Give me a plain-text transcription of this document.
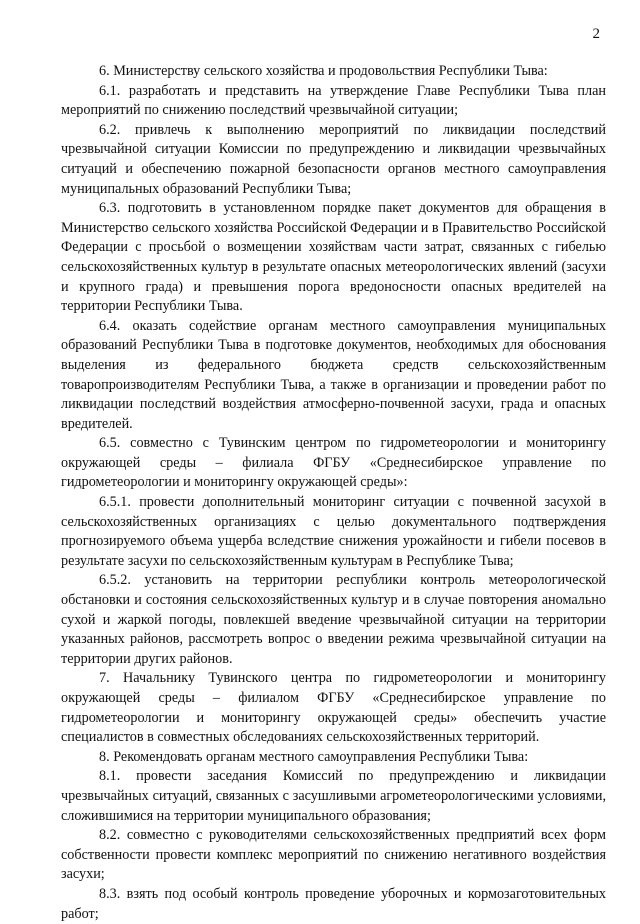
2

6. Министерству сельского хозяйства и продовольствия Республики Тыва:

6.1. разработать и представить на утверждение Главе Республики Тыва план мероприятий по снижению последствий чрезвычайной ситуации;

6.2. привлечь к выполнению мероприятий по ликвидации последствий чрезвычайной ситуации Комиссии по предупреждению и ликвидации чрезвычайных ситуаций и обеспечению пожарной безопасности органов местного самоуправления муниципальных образований Республики Тыва;

6.3. подготовить в установленном порядке пакет документов для обращения в Министерство сельского хозяйства Российской Федерации и в Правительство Российской Федерации с просьбой о возмещении хозяйствам части затрат, связанных с гибелью сельскохозяйственных культур в результате опасных метеорологических явлений (засухи и крупного града) и превышения порога вредоносности опасных вредителей на территории Республики Тыва.

6.4. оказать содействие органам местного самоуправления муниципальных образований Республики Тыва в подготовке документов, необходимых для обоснования выделения из федерального бюджета средств сельскохозяйственным товаропроизводителям Республики Тыва, а также в организации и проведении работ по ликвидации последствий воздействия атмосферно-почвенной засухи, града и опасных вредителей.

6.5. совместно с Тувинским центром по гидрометеорологии и мониторингу окружающей среды – филиала ФГБУ «Среднесибирское управление по гидрометеорологии и мониторингу окружающей среды»:

6.5.1. провести дополнительный мониторинг ситуации с почвенной засухой в сельскохозяйственных организациях с целью документального подтверждения прогнозируемого объема ущерба вследствие снижения урожайности и гибели посевов в результате засухи по сельскохозяйственным культурам в Республике Тыва;

6.5.2. установить на территории республики контроль метеорологической обстановки и состояния сельскохозяйственных культур и в случае повторения аномально сухой и жаркой погоды, повлекшей введение чрезвычайной ситуации на территории указанных районов, рассмотреть вопрос о введении режима чрезвычайной ситуации на территории других районов.

7. Начальнику Тувинского центра по гидрометеорологии и мониторингу окружающей среды – филиалом ФГБУ «Среднесибирское управление по гидрометеорологии и мониторингу окружающей среды» обеспечить участие специалистов в совместных обследованиях сельскохозяйственных территорий.

8. Рекомендовать органам местного самоуправления Республики Тыва:

8.1. провести заседания Комиссий по предупреждению и ликвидации чрезвычайных ситуаций, связанных с засушливыми агрометеорологическими условиями, сложившимися на территории муниципального образования;

8.2. совместно с руководителями сельскохозяйственных предприятий всех форм собственности провести комплекс мероприятий по снижению негативного воздействия засухи;

8.3. взять под особый контроль проведение уборочных и кормозаготовительных работ;
